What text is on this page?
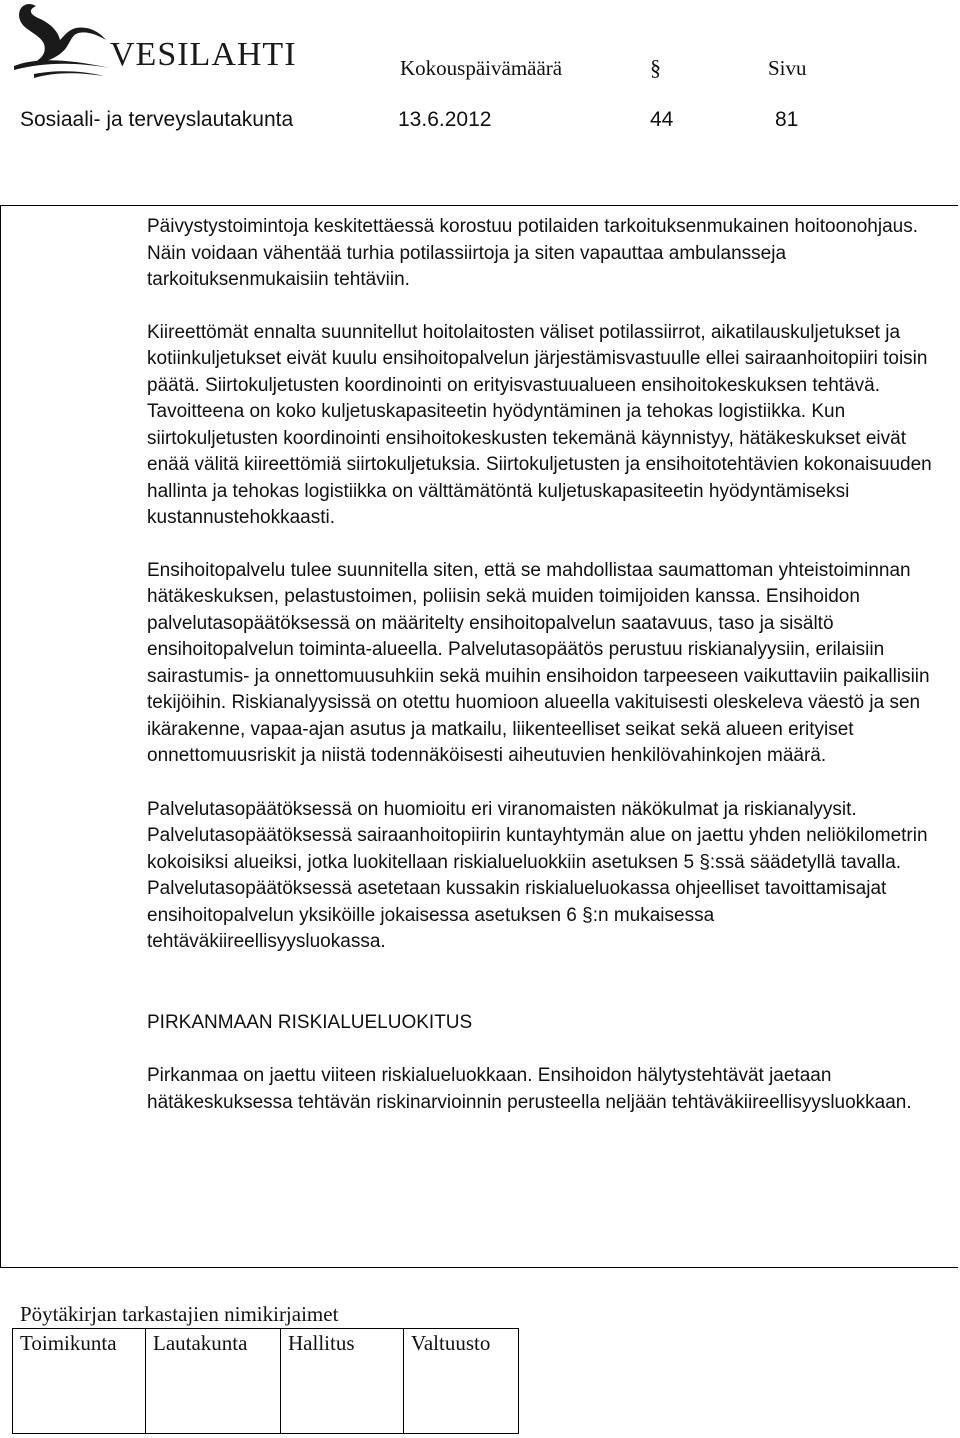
VESILAHTI	Kokouspäivämäärä	§	Sivu
Sosiaali- ja terveyslautakunta	13.6.2012	44	81

Päivystystoimintoja keskitettäessä korostuu potilaiden tarkoituksenmukainen hoitoonohjaus. Näin voidaan vähentää turhia potilassiirtoja ja siten vapauttaa ambulansseja tarkoituksenmukaisiin tehtäviin.

Kiireettömät ennalta suunnitellut hoitolaitosten väliset potilassiirrot, aikatilauskuljetukset ja kotiinkuljetukset eivät kuulu ensihoitopalvelun järjestämisvastuulle ellei sairaanhoitopiiri toisin päätä. Siirtokuljetusten koordinointi on erityisvastuualueen ensihoitokeskuksen tehtävä. Tavoitteena on koko kuljetuskapasiteetin hyödyntäminen ja tehokas logistiikka. Kun siirtokuljetusten koordinointi ensihoitokeskusten tekemänä käynnistyy, hätäkeskukset eivät enää välitä kiireettömiä siirtokuljetuksia. Siirtokuljetusten ja ensihoitotehtävien kokonaisuuden hallinta ja tehokas logistiikka on välttämätöntä kuljetuskapasiteetin hyödyntämiseksi kustannustehokkaasti.

Ensihoitopalvelu tulee suunnitella siten, että se mahdollistaa saumattoman yhteistoiminnan hätäkeskuksen, pelastustoimen, poliisin sekä muiden toimijoiden kanssa. Ensihoidon palvelutasopäätöksessä on määritelty ensihoitopalvelun saatavuus, taso ja sisältö ensihoitopalvelun toiminta-alueella. Palvelutasopäätös perustuu riskianalyysiin, erilaisiin sairastumis- ja onnettomuusuhkiin sekä muihin ensihoidon tarpeeseen vaikuttaviin paikallisiin tekijöihin. Riskianalyysissä on otettu huomioon alueella vakituisesti oleskeleva väestö ja sen ikärakenne, vapaa-ajan asutus ja matkailu, liikenteelliset seikat sekä alueen erityiset onnettomuusriskit ja niistä todennäköisesti aiheutuvien henkilövahinkojen määrä.

Palvelutasopäätöksessä on huomioitu eri viranomaisten näkökulmat ja riskianalyysit. Palvelutasopäätöksessä sairaanhoitopiirin kuntayhtymän alue on jaettu yhden neliökilometrin kokoisiksi alueiksi, jotka luokitellaan riskialueluokkiin asetuksen 5 §:ssä säädetyllä tavalla. Palvelutasopäätöksessä asetetaan kussakin riskialueluokassa ohjeelliset tavoittamisajat ensihoitopalvelun yksiköille jokaisessa asetuksen 6 §:n mukaisessa tehtäväkiireellisyysluokassa.

PIRKANMAAN RISKIALUELUOKITUS

Pirkanmaa on jaettu viiteen riskialueluokkaan. Ensihoidon hälytystehtävät jaetaan hätäkeskuksessa tehtävän riskinarvioinnin perusteella neljään tehtäväkiireellisyysluokkaan.

Pöytäkirjan tarkastajien nimikirjaimet
Toimikunta	Lautakunta	Hallitus	Valtuusto
